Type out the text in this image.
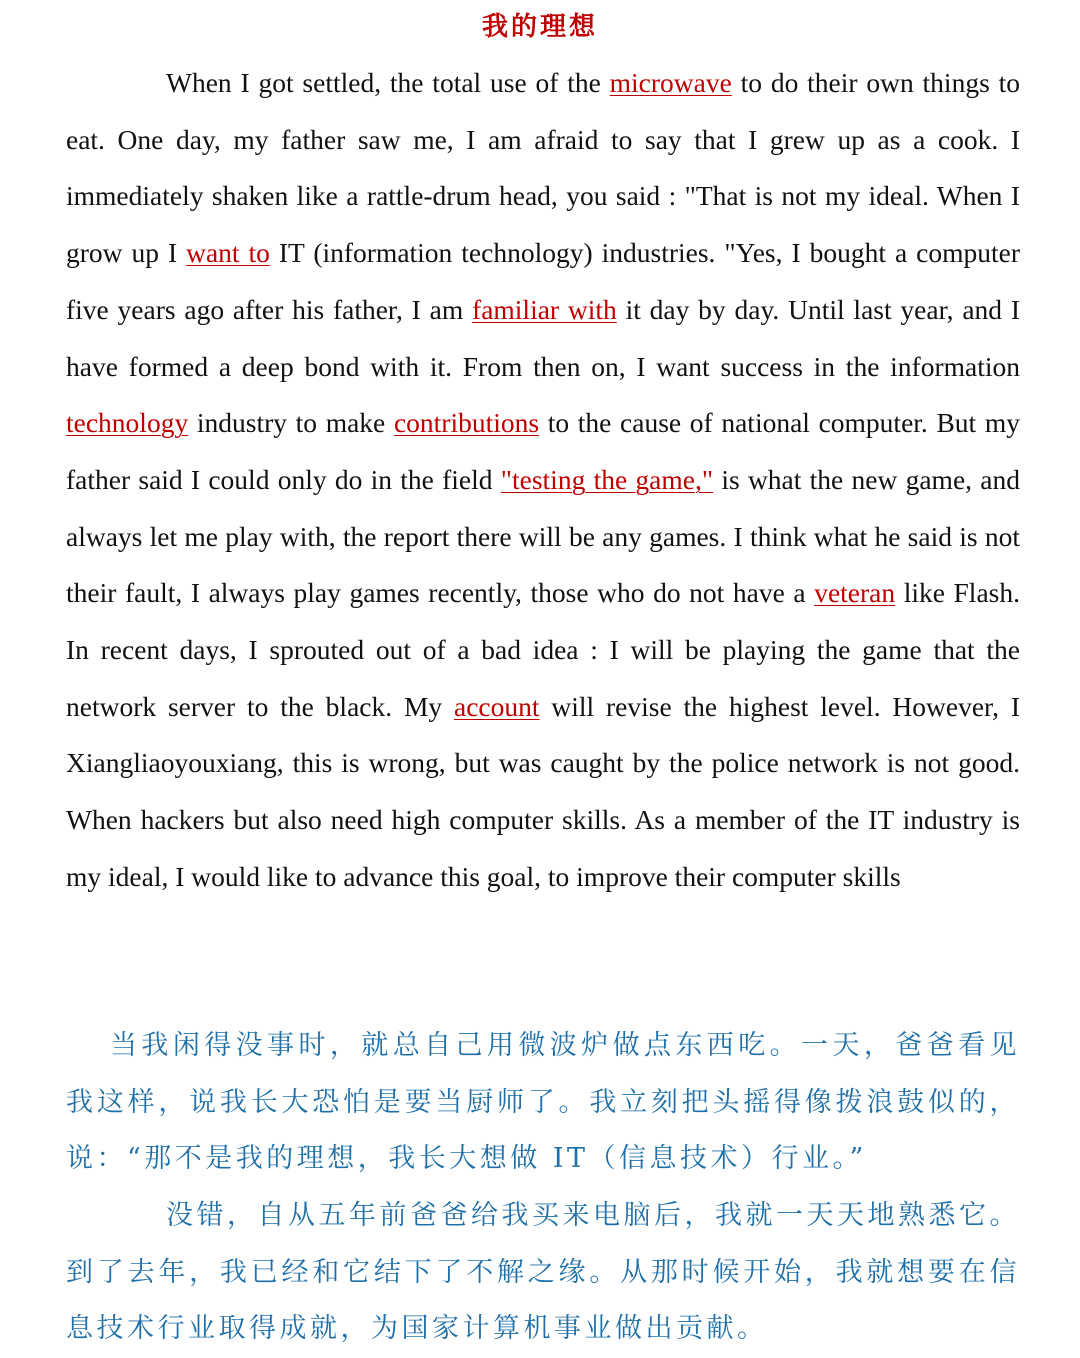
我的理想

When I got settled, the total use of the microwave to do their own things to eat. One day, my father saw me, I am afraid to say that I grew up as a cook. I immediately shaken like a rattle-drum head, you said : "That is not my ideal. When I grow up I want to IT (information technology) industries. "Yes, I bought a computer five years ago after his father, I am familiar with it day by day. Until last year, and I have formed a deep bond with it. From then on, I want success in the information technology industry to make contributions to the cause of national computer. But my father said I could only do in the field "testing the game," is what the new game, and always let me play with, the report there will be any games. I think what he said is not their fault, I always play games recently, those who do not have a veteran like Flash. In recent days, I sprouted out of a bad idea : I will be playing the game that the network server to the black. My account will revise the highest level. However, I Xiangliaoyouxiang, this is wrong, but was caught by the police network is not good. When hackers but also need high computer skills. As a member of the IT industry is my ideal, I would like to advance this goal, to improve their computer skills

当我闲得没事时，就总自己用微波炉做点东西吃。一天，爸爸看见我这样，说我长大恐怕是要当厨师了。我立刻把头摇得像拨浪鼓似的，说：“那不是我的理想，我长大想做 IT（信息技术）行业。”

没错，自从五年前爸爸给我买来电脑后，我就一天天地熟悉它。到了去年，我已经和它结下了不解之缘。从那时候开始，我就想要在信息技术行业取得成就，为国家计算机事业做出贡献。
